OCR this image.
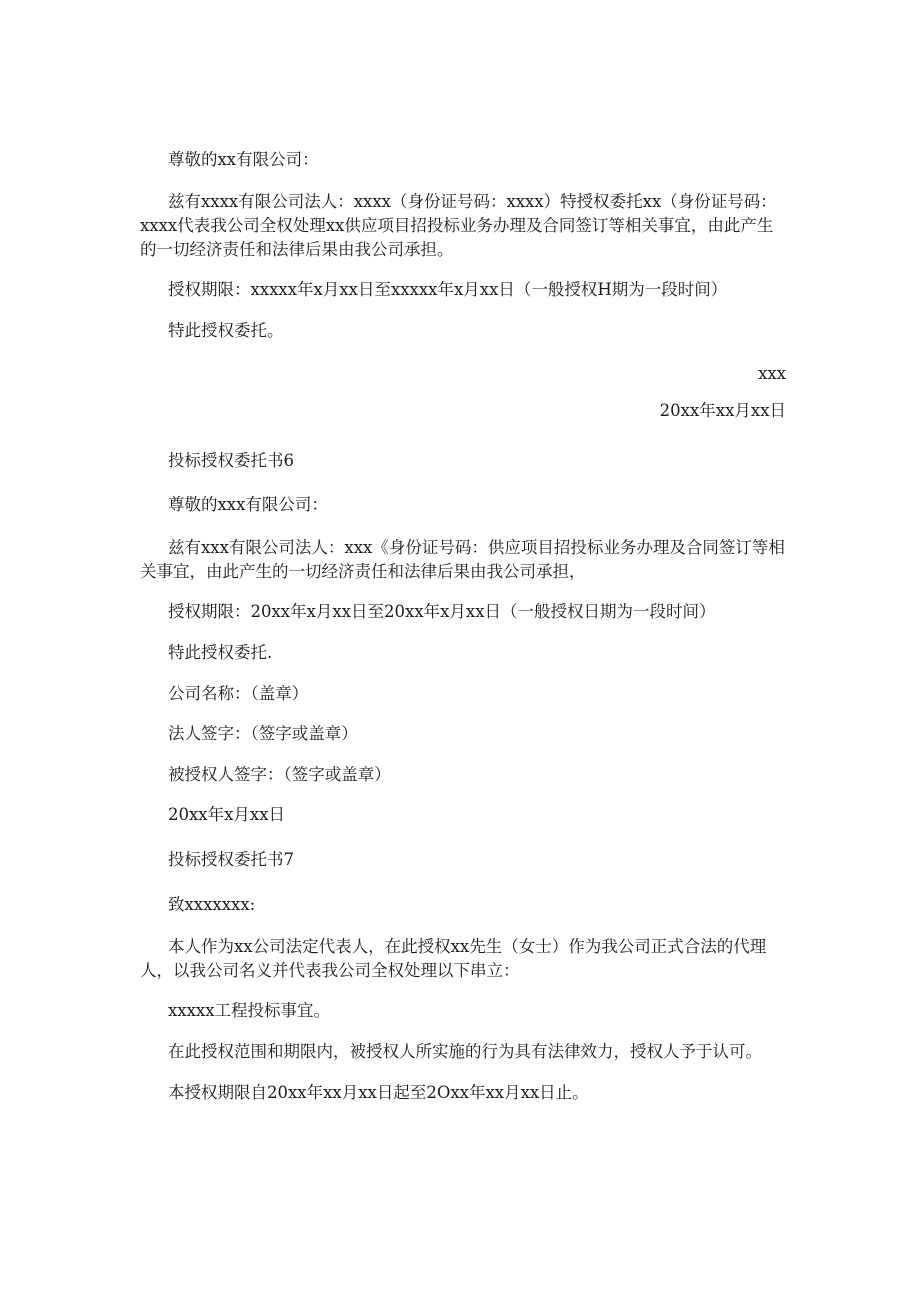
尊敬的xx有限公司：

兹有xxxx有限公司法人：xxxx（身份证号码：xxxx）特授权委托xx（身份证号码：xxxx代表我公司全权处理xx供应项目招投标业务办理及合同签订等相关事宜，由此产生的一切经济责任和法律后果由我公司承担。

授权期限：xxxxx年x月xx日至xxxxx年x月xx日（一般授权H期为一段时间）

特此授权委托。

xxx

20xx年xx月xx日

投标授权委托书6

尊敬的xxx有限公司：

兹有xxx有限公司法人：xxx《身份证号码：供应项目招投标业务办理及合同签订等相关事宜，由此产生的一切经济责任和法律后果由我公司承担，

授权期限：20xx年x月xx日至20xx年x月xx日（一般授权日期为一段时间）

特此授权委托.

公司名称：（盖章）

法人签字：（签字或盖章）

被授权人签字：（签字或盖章）

20xx年x月xx日

投标授权委托书7

致xxxxxxx:

本人作为xx公司法定代表人，在此授权xx先生（女士）作为我公司正式合法的代理人，以我公司名义并代表我公司全权处理以下串立：

xxxxx工程投标事宜。

在此授权范围和期限内，被授权人所实施的行为具有法律效力，授权人予于认可。

本授权期限自20xx年xx月xx日起至2Oxx年xx月xx日止。
